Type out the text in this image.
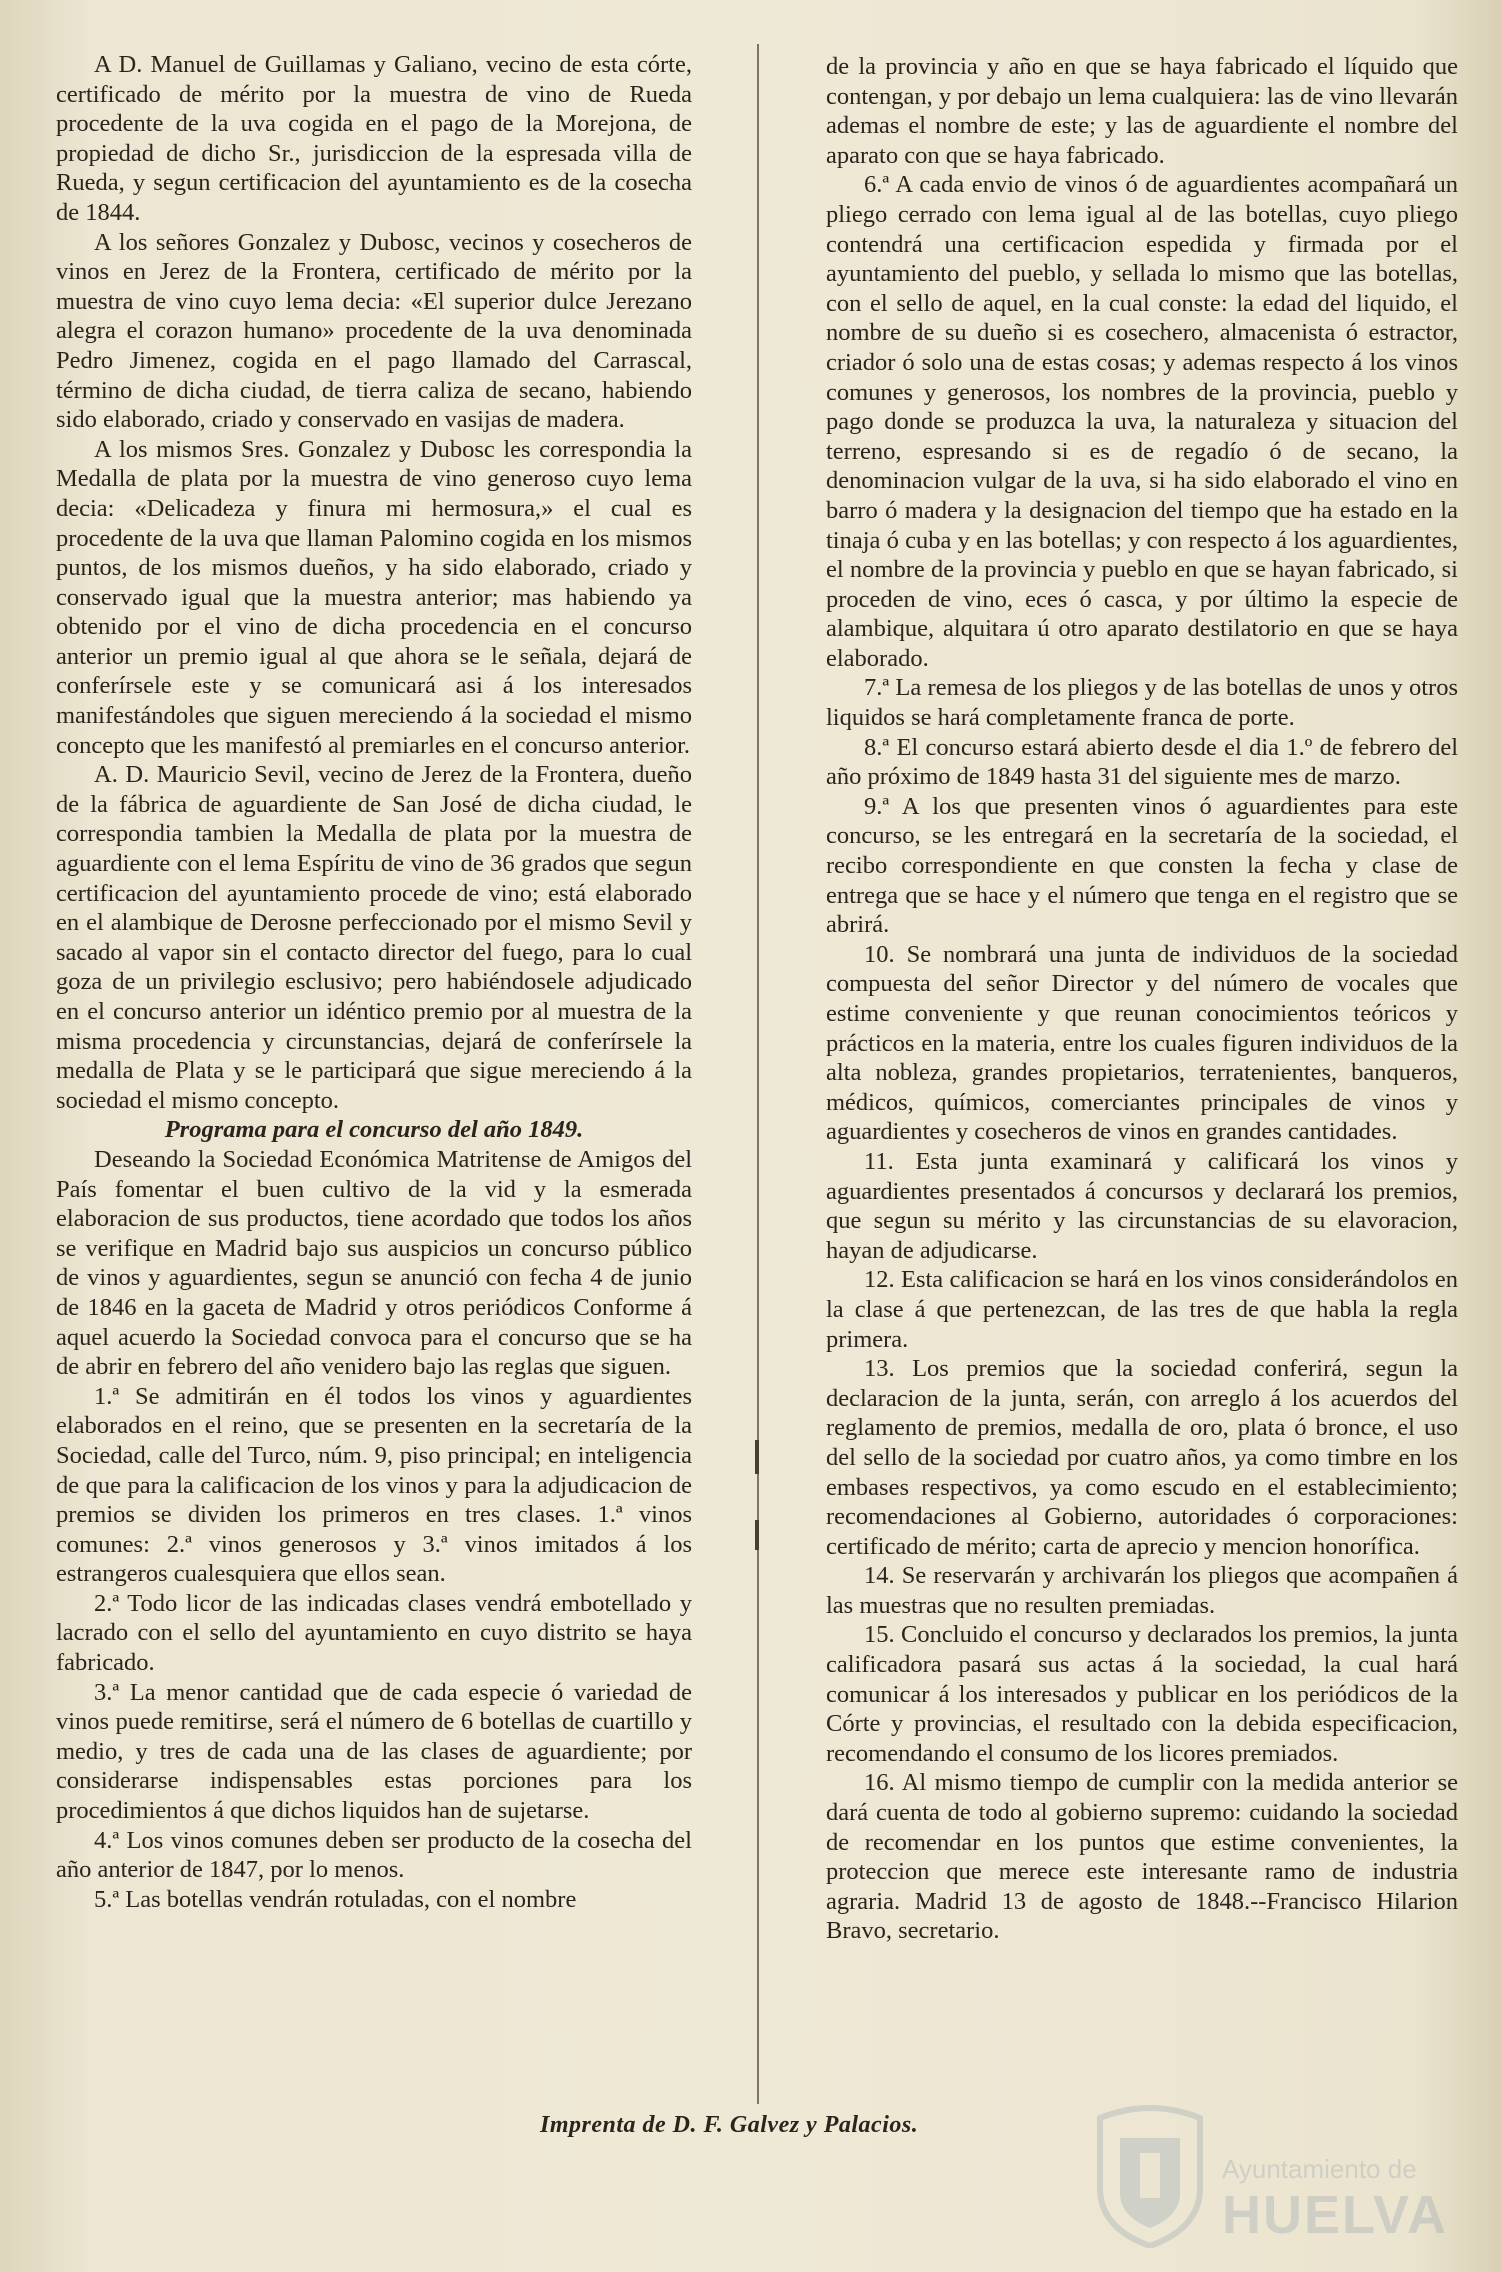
A D. Manuel de Guillamas y Galiano, vecino de esta córte, certificado de mérito por la muestra de vino de Rueda procedente de la uva cogida en el pago de la Morejona, de propiedad de dicho Sr., jurisdiccion de la espresada villa de Rueda, y segun certificacion del ayuntamiento es de la cosecha de 1844.

A los señores Gonzalez y Dubosc, vecinos y cosecheros de vinos en Jerez de la Frontera, certificado de mérito por la muestra de vino cuyo lema decia: «El superior dulce Jerezano alegra el corazon humano» procedente de la uva denominada Pedro Jimenez, cogida en el pago llamado del Carrascal, término de dicha ciudad, de tierra caliza de secano, habiendo sido elaborado, criado y conservado en vasijas de madera.

A los mismos Sres. Gonzalez y Dubosc les correspondia la Medalla de plata por la muestra de vino generoso cuyo lema decia: «Delicadeza y finura mi hermosura,» el cual es procedente de la uva que llaman Palomino cogida en los mismos puntos, de los mismos dueños, y ha sido elaborado, criado y conservado igual que la muestra anterior; mas habiendo ya obtenido por el vino de dicha procedencia en el concurso anterior un premio igual al que ahora se le señala, dejará de conferírsele este y se comunicará asi á los interesados manifestándoles que siguen mereciendo á la sociedad el mismo concepto que les manifestó al premiarles en el concurso anterior.

A. D. Mauricio Sevil, vecino de Jerez de la Frontera, dueño de la fábrica de aguardiente de San José de dicha ciudad, le correspondia tambien la Medalla de plata por la muestra de aguardiente con el lema Espíritu de vino de 36 grados que segun certificacion del ayuntamiento procede de vino; está elaborado en el alambique de Derosne perfeccionado por el mismo Sevil y sacado al vapor sin el contacto director del fuego, para lo cual goza de un privilegio esclusivo; pero habiéndosele adjudicado en el concurso anterior un idéntico premio por al muestra de la misma procedencia y circunstancias, dejará de conferírsele la medalla de Plata y se le participará que sigue mereciendo á la sociedad el mismo concepto.

Programa para el concurso del año 1849.

Deseando la Sociedad Económica Matritense de Amigos del País fomentar el buen cultivo de la vid y la esmerada elaboracion de sus productos, tiene acordado que todos los años se verifique en Madrid bajo sus auspicios un concurso público de vinos y aguardientes, segun se anunció con fecha 4 de junio de 1846 en la gaceta de Madrid y otros periódicos Conforme á aquel acuerdo la Sociedad convoca para el concurso que se ha de abrir en febrero del año venidero bajo las reglas que siguen.

1.ª Se admitirán en él todos los vinos y aguardientes elaborados en el reino, que se presenten en la secretaría de la Sociedad, calle del Turco, núm. 9, piso principal; en inteligencia de que para la calificacion de los vinos y para la adjudicacion de premios se dividen los primeros en tres clases. 1.ª vinos comunes: 2.ª vinos generosos y 3.ª vinos imitados á los estrangeros cualesquiera que ellos sean.

2.ª Todo licor de las indicadas clases vendrá embotellado y lacrado con el sello del ayuntamiento en cuyo distrito se haya fabricado.

3.ª La menor cantidad que de cada especie ó variedad de vinos puede remitirse, será el número de 6 botellas de cuartillo y medio, y tres de cada una de las clases de aguardiente; por considerarse indispensables estas porciones para los procedimientos á que dichos liquidos han de sujetarse.

4.ª Los vinos comunes deben ser producto de la cosecha del año anterior de 1847, por lo menos.

5.ª Las botellas vendrán rotuladas, con el nombre

de la provincia y año en que se haya fabricado el líquido que contengan, y por debajo un lema cualquiera: las de vino llevarán ademas el nombre de este; y las de aguardiente el nombre del aparato con que se haya fabricado.

6.ª A cada envio de vinos ó de aguardientes acompañará un pliego cerrado con lema igual al de las botellas, cuyo pliego contendrá una certificacion espedida y firmada por el ayuntamiento del pueblo, y sellada lo mismo que las botellas, con el sello de aquel, en la cual conste: la edad del liquido, el nombre de su dueño si es cosechero, almacenista ó estractor, criador ó solo una de estas cosas; y ademas respecto á los vinos comunes y generosos, los nombres de la provincia, pueblo y pago donde se produzca la uva, la naturaleza y situacion del terreno, espresando si es de regadío ó de secano, la denominacion vulgar de la uva, si ha sido elaborado el vino en barro ó madera y la designacion del tiempo que ha estado en la tinaja ó cuba y en las botellas; y con respecto á los aguardientes, el nombre de la provincia y pueblo en que se hayan fabricado, si proceden de vino, eces ó casca, y por último la especie de alambique, alquitara ú otro aparato destilatorio en que se haya elaborado.

7.ª La remesa de los pliegos y de las botellas de unos y otros liquidos se hará completamente franca de porte.

8.ª El concurso estará abierto desde el dia 1.º de febrero del año próximo de 1849 hasta 31 del siguiente mes de marzo.

9.ª A los que presenten vinos ó aguardientes para este concurso, se les entregará en la secretaría de la sociedad, el recibo correspondiente en que consten la fecha y clase de entrega que se hace y el número que tenga en el registro que se abrirá.

10. Se nombrará una junta de individuos de la sociedad compuesta del señor Director y del número de vocales que estime conveniente y que reunan conocimientos teóricos y prácticos en la materia, entre los cuales figuren individuos de la alta nobleza, grandes propietarios, terratenientes, banqueros, médicos, químicos, comerciantes principales de vinos y aguardientes y cosecheros de vinos en grandes cantidades.

11. Esta junta examinará y calificará los vinos y aguardientes presentados á concursos y declarará los premios, que segun su mérito y las circunstancias de su elavoracion, hayan de adjudicarse.

12. Esta calificacion se hará en los vinos considerándolos en la clase á que pertenezcan, de las tres de que habla la regla primera.

13. Los premios que la sociedad conferirá, segun la declaracion de la junta, serán, con arreglo á los acuerdos del reglamento de premios, medalla de oro, plata ó bronce, el uso del sello de la sociedad por cuatro años, ya como timbre en los embases respectivos, ya como escudo en el establecimiento; recomendaciones al Gobierno, autoridades ó corporaciones: certificado de mérito; carta de aprecio y mencion honorífica.

14. Se reservarán y archivarán los pliegos que acompañen á las muestras que no resulten premiadas.

15. Concluido el concurso y declarados los premios, la junta calificadora pasará sus actas á la sociedad, la cual hará comunicar á los interesados y publicar en los periódicos de la Córte y provincias, el resultado con la debida especificacion, recomendando el consumo de los licores premiados.

16. Al mismo tiempo de cumplir con la medida anterior se dará cuenta de todo al gobierno supremo: cuidando la sociedad de recomendar en los puntos que estime convenientes, la proteccion que merece este interesante ramo de industria agraria. Madrid 13 de agosto de 1848.--Francisco Hilarion Bravo, secretario.

Imprenta de D. F. Galvez y Palacios.
Ayuntamiento de
HUELVA
